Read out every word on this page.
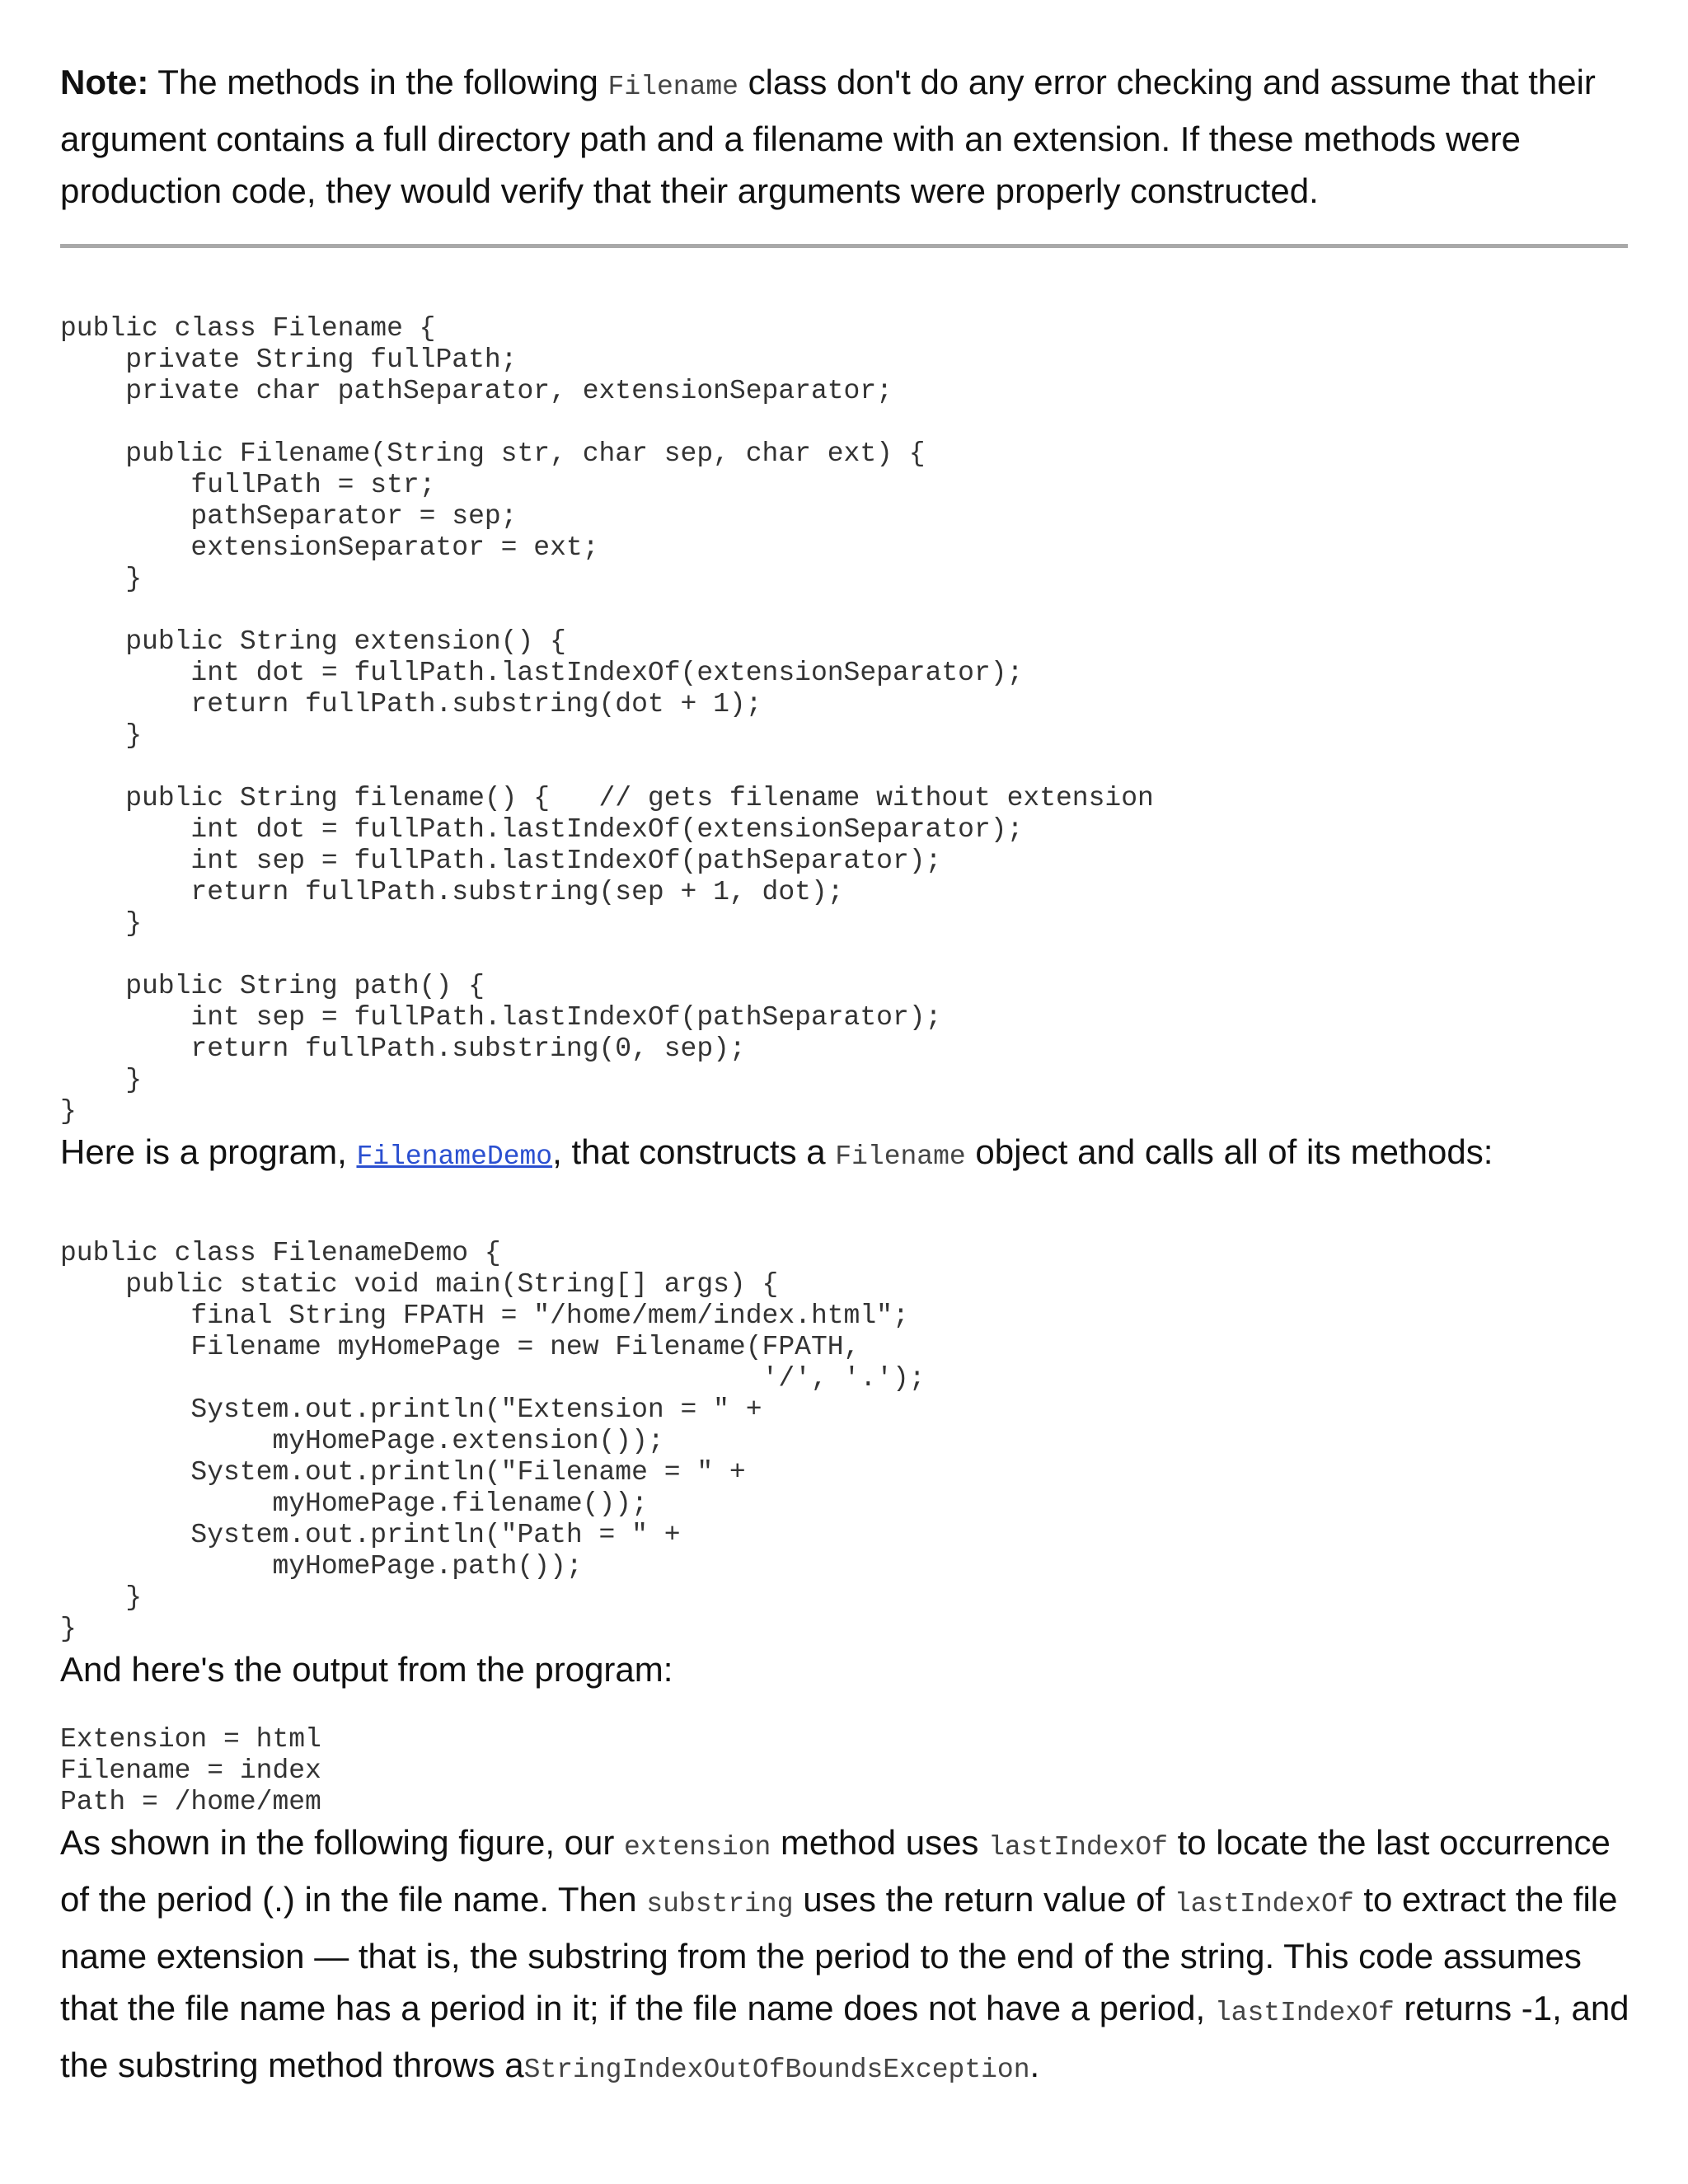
Note: The methods in the following Filename class don't do any error checking and assume that their argument contains a full directory path and a filename with an extension. If these methods were production code, they would verify that their arguments were properly constructed.

public class Filename {
private String fullPath;
private char pathSeparator, extensionSeparator;

public Filename(String str, char sep, char ext) {
fullPath = str;
pathSeparator = sep;
extensionSeparator = ext;
}

public String extension() {
int dot = fullPath.lastIndexOf(extensionSeparator);
return fullPath.substring(dot + 1);
}

public String filename() {   // gets filename without extension
int dot = fullPath.lastIndexOf(extensionSeparator);
int sep = fullPath.lastIndexOf(pathSeparator);
return fullPath.substring(sep + 1, dot);
}

public String path() {
int sep = fullPath.lastIndexOf(pathSeparator);
return fullPath.substring(0, sep);
}
}

Here is a program, FilenameDemo, that constructs a Filename object and calls all of its methods:

public class FilenameDemo {
public static void main(String[] args) {
final String FPATH = "/home/mem/index.html";
Filename myHomePage = new Filename(FPATH,
'/', '.');
System.out.println("Extension = " +
myHomePage.extension());
System.out.println("Filename = " +
myHomePage.filename());
System.out.println("Path = " +
myHomePage.path());
}
}

And here's the output from the program:

Extension = html
Filename = index
Path = /home/mem

As shown in the following figure, our extension method uses lastIndexOf to locate the last occurrence of the period (.) in the file name. Then substring uses the return value of lastIndexOf to extract the file name extension — that is, the substring from the period to the end of the string. This code assumes that the file name has a period in it; if the file name does not have a period, lastIndexOf returns -1, and the substring method throws aStringIndexOutOfBoundsException.
